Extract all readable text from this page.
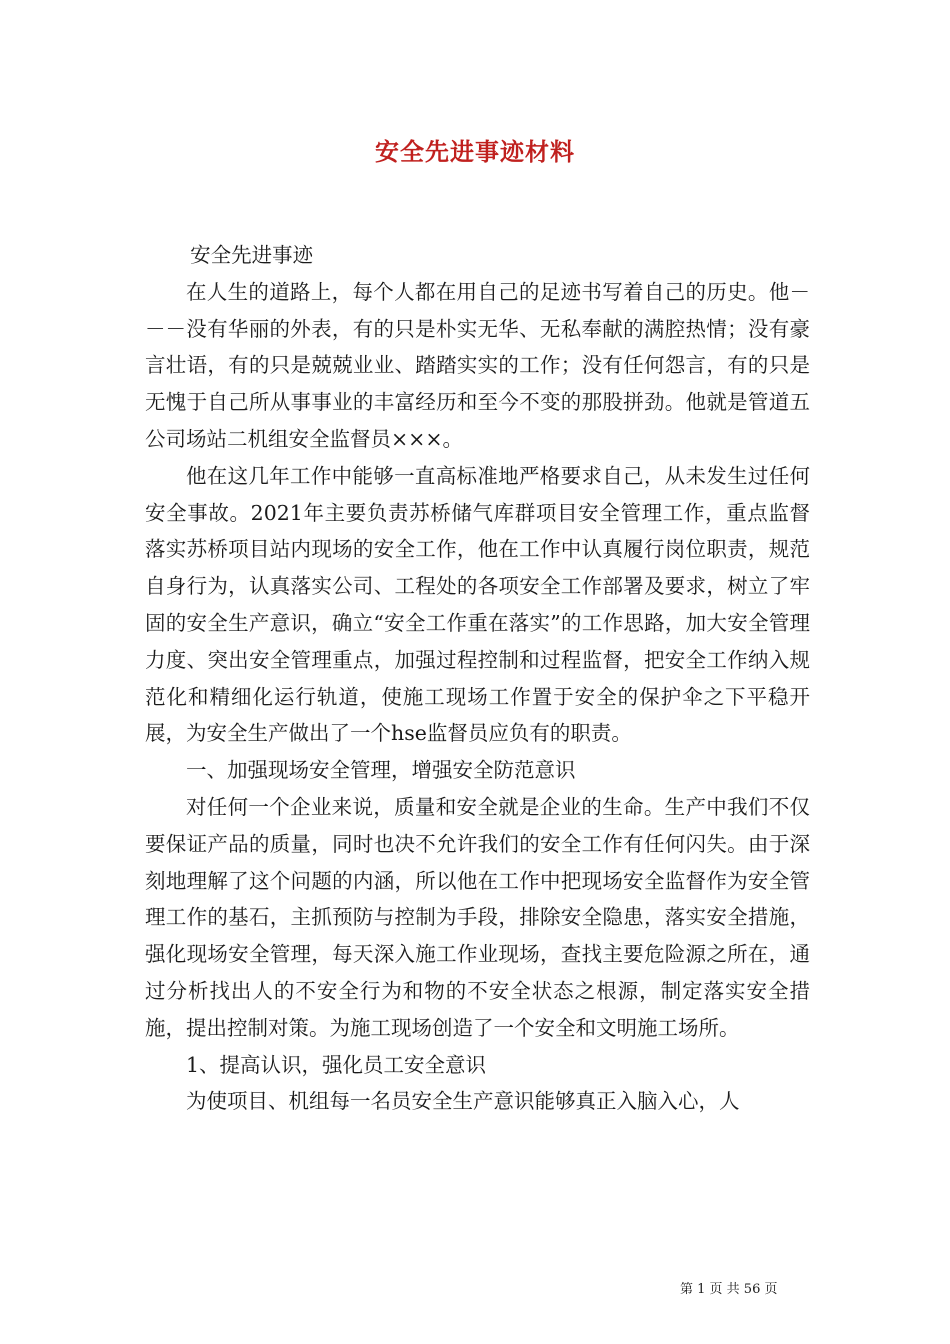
安全先进事迹材料

安全先进事迹

在人生的道路上，每个人都在用自己的足迹书写着自己的历史。他－－－没有华丽的外表，有的只是朴实无华、无私奉献的满腔热情；没有豪言壮语，有的只是兢兢业业、踏踏实实的工作；没有任何怨言，有的只是无愧于自己所从事事业的丰富经历和至今不变的那股拼劲。他就是管道五公司场站二机组安全监督员×××。

他在这几年工作中能够一直高标准地严格要求自己，从未发生过任何安全事故。2021年主要负责苏桥储气库群项目安全管理工作，重点监督落实苏桥项目站内现场的安全工作，他在工作中认真履行岗位职责，规范自身行为，认真落实公司、工程处的各项安全工作部署及要求，树立了牢固的安全生产意识，确立“安全工作重在落实”的工作思路，加大安全管理力度、突出安全管理重点，加强过程控制和过程监督，把安全工作纳入规范化和精细化运行轨道，使施工现场工作置于安全的保护伞之下平稳开展，为安全生产做出了一个hse监督员应负有的职责。

一、加强现场安全管理，增强安全防范意识

对任何一个企业来说，质量和安全就是企业的生命。生产中我们不仅要保证产品的质量，同时也决不允许我们的安全工作有任何闪失。由于深刻地理解了这个问题的内涵，所以他在工作中把现场安全监督作为安全管理工作的基石，主抓预防与控制为手段，排除安全隐患，落实安全措施，强化现场安全管理，每天深入施工作业现场，查找主要危险源之所在，通过分析找出人的不安全行为和物的不安全状态之根源，制定落实安全措施，提出控制对策。为施工现场创造了一个安全和文明施工场所。

1、提高认识，强化员工安全意识

为使项目、机组每一名员安全生产意识能够真正入脑入心，人

第 1 页 共 56 页
